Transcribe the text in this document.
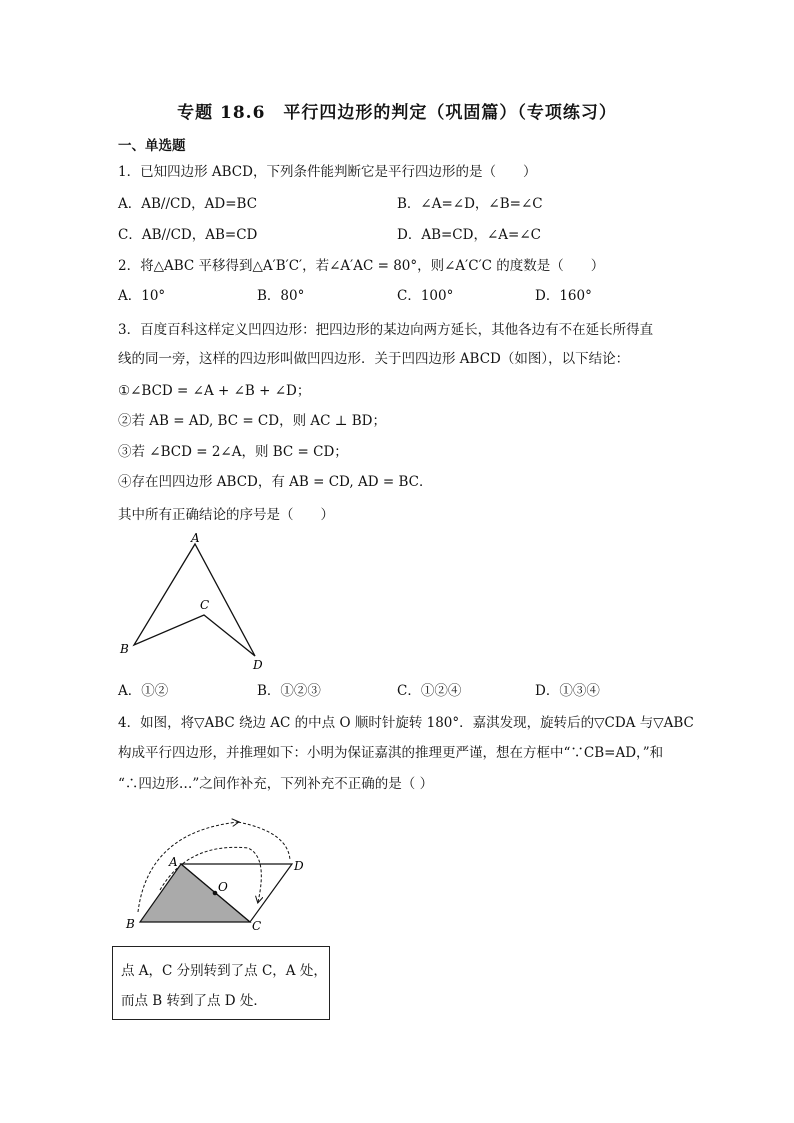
专题 18.6　平行四边形的判定（巩固篇）（专项练习）
一、单选题
1．已知四边形 ABCD，下列条件能判断它是平行四边形的是（　　）
A．AB//CD，AD=BC	B．∠A=∠D，∠B=∠C
C．AB//CD，AB=CD	D．AB=CD，∠A=∠C
2．将△ABC 平移得到△A′B′C′，若∠A′AC = 80°，则∠A′C′C 的度数是（　　）
A．10°	B．80°	C．100°	D．160°
3．百度百科这样定义凹四边形：把四边形的某边向两方延长，其他各边有不在延长所得直
线的同一旁，这样的四边形叫做凹四边形．关于凹四边形 ABCD（如图），以下结论：
①∠BCD = ∠A + ∠B + ∠D；
②若 AB = AD, BC = CD，则 AC ⊥ BD；
③若 ∠BCD = 2∠A，则 BC = CD；
④存在凹四边形 ABCD，有 AB = CD, AD = BC．
其中所有正确结论的序号是（　　）
A
B
C
D
A．①②	B．①②③	C．①②④	D．①③④
4．如图，将▽ABC 绕边 AC 的中点 O 顺时针旋转 180°．嘉淇发现，旋转后的▽CDA 与▽ABC
构成平行四边形，并推理如下：小明为保证嘉淇的推理更严谨，想在方框中“∵CB=AD，”和
“∴四边形…”之间作补充，下列补充不正确的是（ ）
A
B	C
D
O
点 A，C 分别转到了点 C，A 处，
而点 B 转到了点 D 处．
